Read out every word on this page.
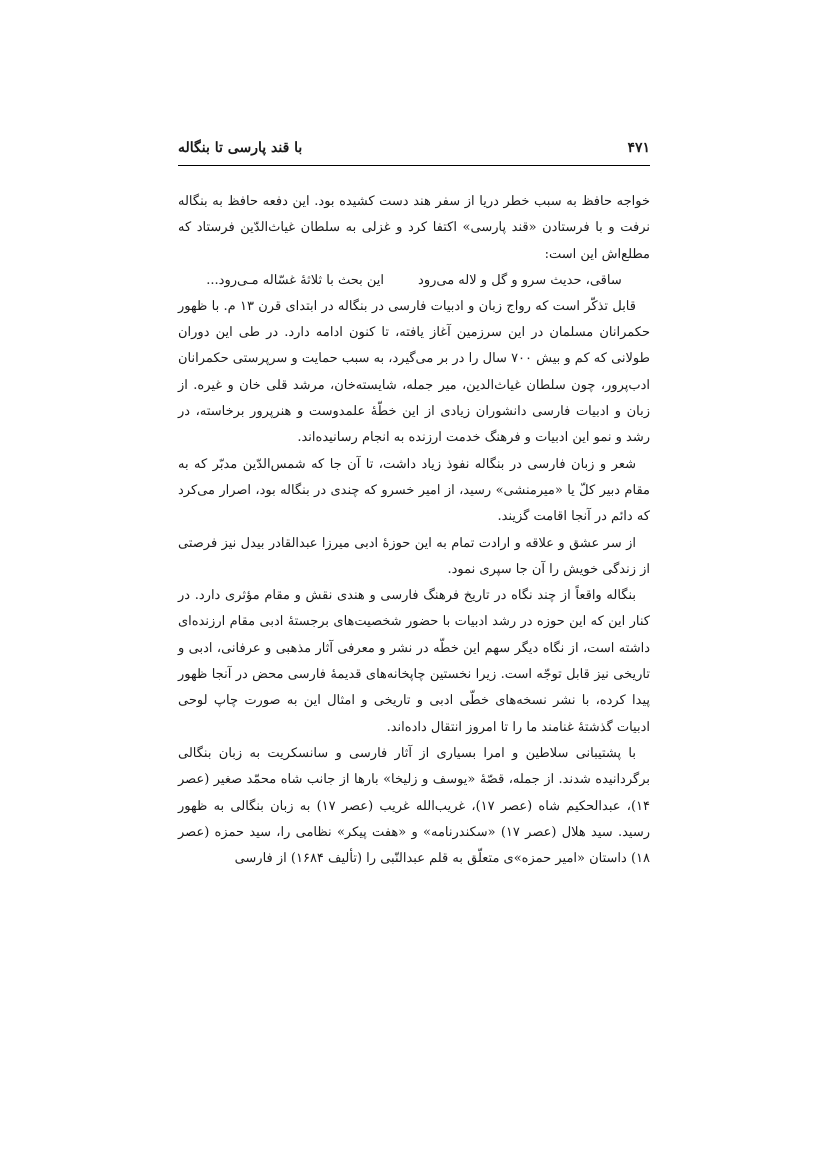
۴۷۱
با قند پارسی تا بنگاله

خواجه حافظ به سبب خطر دریا از سفر هند دست کشیده بود. این دفعه حافظ به بنگاله نرفت و با فرستادن «قند پارسی» اکتفا کرد و غزلی به سلطان غیاث‌الدّین فرستاد که مطلع‌اش این است:

ساقی، حدیث سرو و گل و لاله می‌رود
این بحث با ثلاثهٔ غسّاله مـی‌رود...

قابل تذکّر است که رواج زبان و ادبیات فارسی در بنگاله در ابتدای قرن ۱۳ م. با ظهور حکمرانان مسلمان در این سرزمین آغاز یافته، تا کنون ادامه دارد. در طی این دوران طولانی که کم و بیش ۷۰۰ سال را در بر می‌گیرد، به سبب حمایت و سرپرستی حکمرانان ادب‌پرور، چون سلطان غیاث‌الدین، میر جمله، شایسته‌خان، مرشد قلی خان و غیره. از زبان و ادبیات فارسی دانشوران زیادی از این خطّهٔ علمدوست و هنرپرور برخاسته، در رشد و نمو این ادبیات و فرهنگ خدمت ارزنده به انجام رسانیده‌اند.

شعر و زبان فارسی در بنگاله نفوذ زیاد داشت، تا آن جا که شمس‌الدّین مدبّر که به مقام دبیر کلّ یا «میرمنشی» رسید، از امیر خسرو که چندی در بنگاله بود، اصرار می‌کرد که دائم در آنجا اقامت گزیند.

از سر عشق و علاقه و ارادت تمام به این حوزهٔ ادبی میرزا عبدالقادر بیدل نیز فرصتی از زندگی خویش را آن جا سپری نمود.

بنگاله واقعاً از چند نگاه در تاریخ فرهنگ فارسی و هندی نقش و مقام مؤثری دارد. در کنار این که این حوزه در رشد ادبیات با حضور شخصیت‌های برجستهٔ ادبی مقام ارزنده‌ای داشته است، از نگاه دیگر سهم این خطّه در نشر و معرفی آثار مذهبی و عرفانی، ادبی و تاریخی نیز قابل توجّه است. زیرا نخستین چاپخانه‌های قدیمهٔ فارسی محض در آنجا ظهور پیدا کرده، با نشر نسخه‌های خطّی ادبی و تاریخی و امثال این به صورت چاپ لوحی ادبیات گذشتهٔ غنامند ما را تا امروز انتقال داده‌اند.

با پشتیبانی سلاطین و امرا بسیاری از آثار فارسی و سانسکریت به زبان بنگالی برگردانیده شدند. از جمله، قصّهٔ «یوسف و زلیخا» بارها از جانب شاه محمّد صغیر (عصر ۱۴)، عبدالحکیم شاه (عصر ۱۷)، غریب‌الله غریب (عصر ۱۷) به زبان بنگالی به ظهور رسید. سید هلال (عصر ۱۷) «سکندرنامه» و «هفت پیکر» نظامی را، سید حمزه (عصر ۱۸) داستان «امیر حمزه»ی متعلّق به قلم عبدالنّبی را (تألیف ۱۶۸۴) از فارسی
